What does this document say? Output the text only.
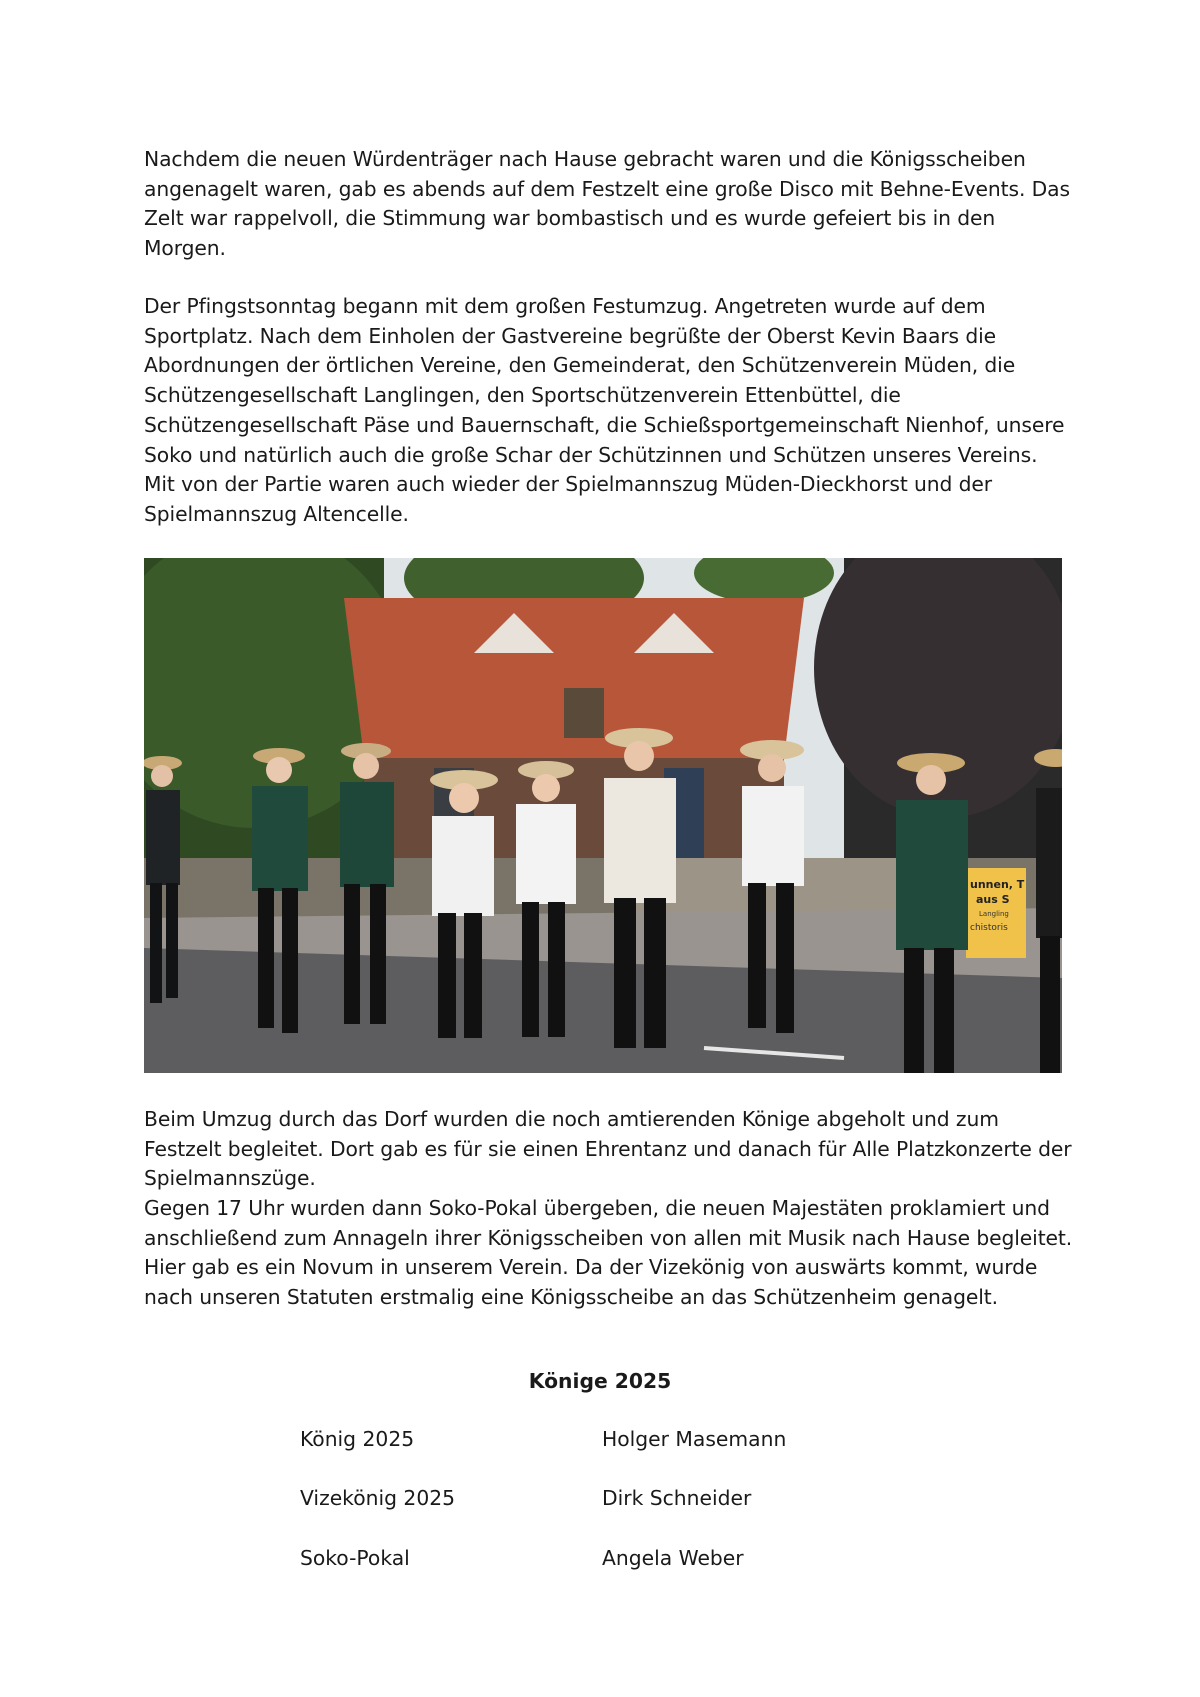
Nachdem die neuen Würdenträger nach Hause gebracht waren und die Königsscheiben angenagelt waren, gab es abends auf dem Festzelt eine große Disco mit Behne-Events. Das Zelt war rappelvoll, die Stimmung war bombastisch und es wurde gefeiert bis in den Morgen.

Der Pfingstsonntag begann mit dem großen Festumzug. Angetreten wurde auf dem Sportplatz. Nach dem Einholen der Gastvereine begrüßte der Oberst Kevin Baars die Abordnungen der örtlichen Vereine, den Gemeinderat, den Schützenverein Müden, die Schützengesellschaft Langlingen, den Sportschützenverein Ettenbüttel, die Schützengesellschaft Päse und Bauernschaft, die Schießsportgemeinschaft Nienhof, unsere Soko und natürlich auch die große Schar der Schützinnen und Schützen unseres Vereins. Mit von der Partie waren auch wieder der Spielmannszug Müden-Dieckhorst und der Spielmannszug Altencelle.

unnen, T
aus S
Langling
chistoris

Beim Umzug durch das Dorf wurden die noch amtierenden Könige abgeholt und zum Festzelt begleitet. Dort gab es für sie einen Ehrentanz und danach für Alle Platzkonzerte der Spielmannszüge.

Gegen 17 Uhr wurden dann Soko-Pokal übergeben, die neuen Majestäten proklamiert und anschließend zum Annageln ihrer Königsscheiben von allen mit Musik nach Hause begleitet. Hier gab es ein Novum in unserem Verein. Da der Vizekönig von auswärts kommt, wurde nach unseren Statuten erstmalig eine Königsscheibe an das Schützenheim genagelt.

Könige 2025
König 2025	Holger Masemann
Vizekönig 2025	Dirk Schneider
Soko-Pokal	Angela Weber
